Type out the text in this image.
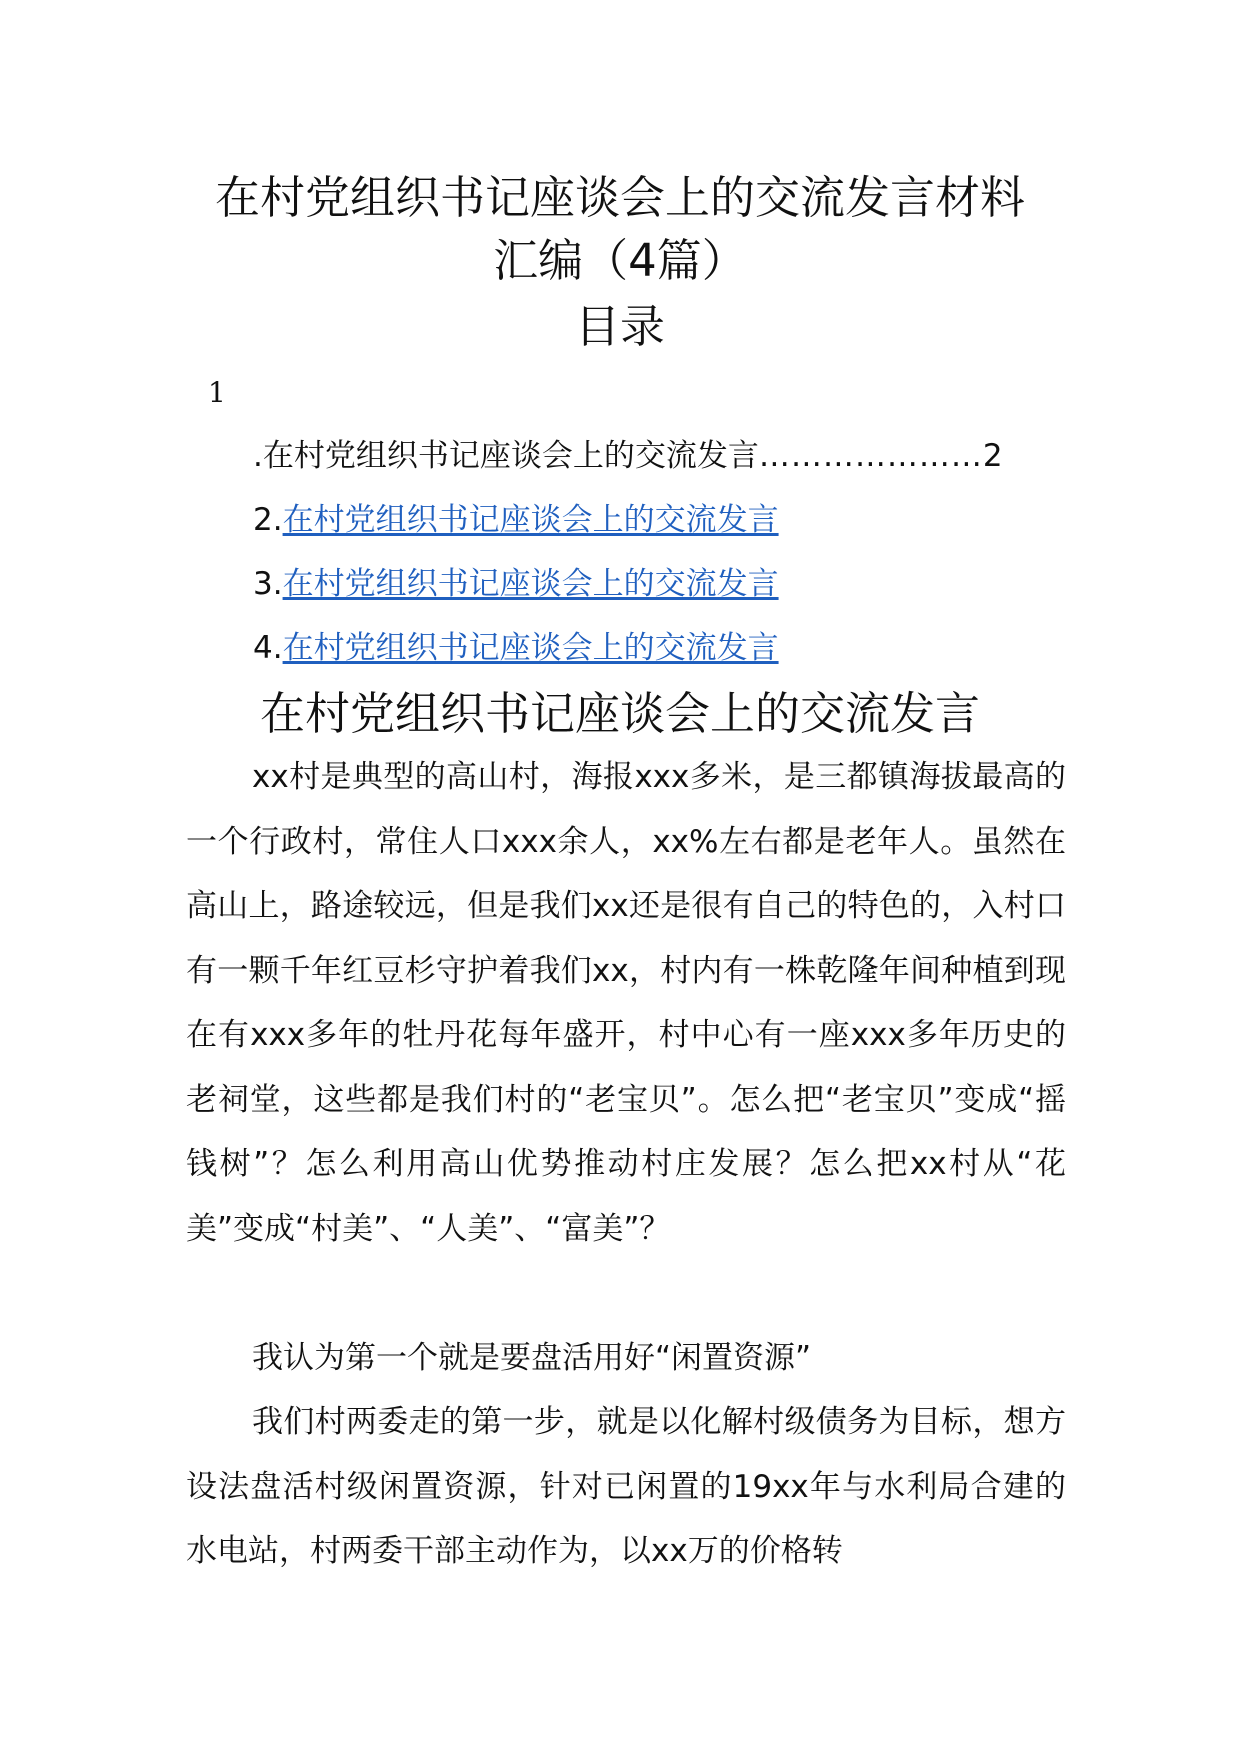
在村党组织书记座谈会上的交流发言材料
汇编（4篇）
目录
1
.在村党组织书记座谈会上的交流发言…………………2
2.在村党组织书记座谈会上的交流发言
3.在村党组织书记座谈会上的交流发言
4.在村党组织书记座谈会上的交流发言
在村党组织书记座谈会上的交流发言

xx村是典型的高山村，海报xxx多米，是三都镇海拔最高的一个行政村，常住人口xxx余人，xx%左右都是老年人。虽然在高山上，路途较远，但是我们xx还是很有自己的特色的，入村口有一颗千年红豆杉守护着我们xx，村内有一株乾隆年间种植到现在有xxx多年的牡丹花每年盛开，村中心有一座xxx多年历史的老祠堂，这些都是我们村的“老宝贝”。怎么把“老宝贝”变成“摇钱树”？怎么利用高山优势推动村庄发展？怎么把xx村从“花美”变成“村美”、“人美”、“富美”？

我认为第一个就是要盘活用好“闲置资源”

我们村两委走的第一步，就是以化解村级债务为目标，想方设法盘活村级闲置资源，针对已闲置的19xx年与水利局合建的水电站，村两委干部主动作为，以xx万的价格转
